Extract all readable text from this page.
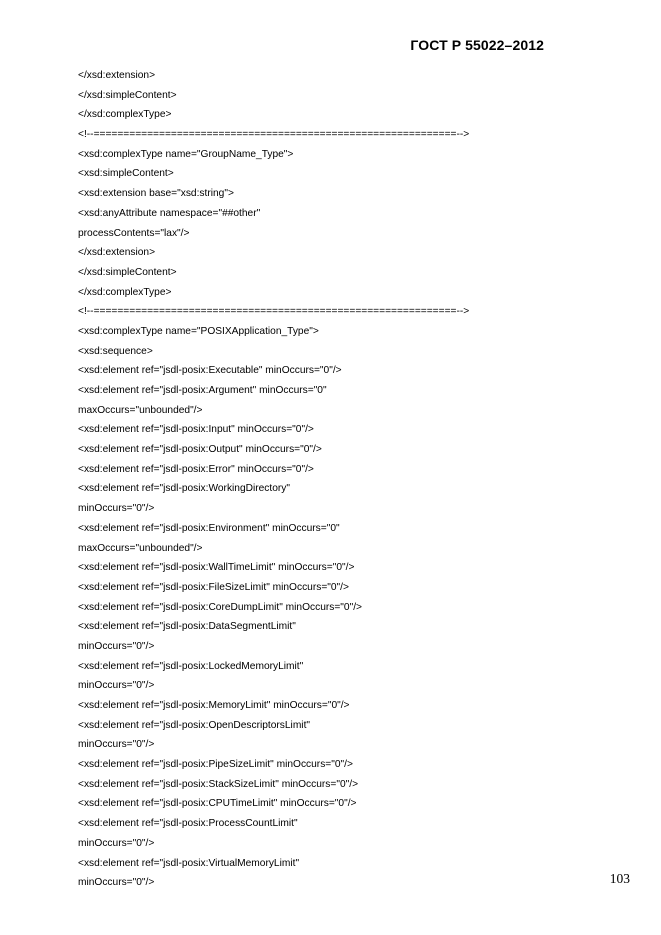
ГОСТ Р 55022–2012
</xsd:extension>
</xsd:simpleContent>
</xsd:complexType>
<!--=============================================================-->
<xsd:complexType name="GroupName_Type">
<xsd:simpleContent>
<xsd:extension base="xsd:string">
<xsd:anyAttribute namespace="##other"
processContents="lax"/>
</xsd:extension>
</xsd:simpleContent>
</xsd:complexType>
<!--=============================================================-->
<xsd:complexType name="POSIXApplication_Type">
<xsd:sequence>
<xsd:element ref="jsdl-posix:Executable" minOccurs="0"/>
<xsd:element ref="jsdl-posix:Argument" minOccurs="0"
maxOccurs="unbounded"/>
<xsd:element ref="jsdl-posix:Input" minOccurs="0"/>
<xsd:element ref="jsdl-posix:Output" minOccurs="0"/>
<xsd:element ref="jsdl-posix:Error" minOccurs="0"/>
<xsd:element ref="jsdl-posix:WorkingDirectory"
minOccurs="0"/>
<xsd:element ref="jsdl-posix:Environment" minOccurs="0"
maxOccurs="unbounded"/>
<xsd:element ref="jsdl-posix:WallTimeLimit" minOccurs="0"/>
<xsd:element ref="jsdl-posix:FileSizeLimit" minOccurs="0"/>
<xsd:element ref="jsdl-posix:CoreDumpLimit" minOccurs="0"/>
<xsd:element ref="jsdl-posix:DataSegmentLimit"
minOccurs="0"/>
<xsd:element ref="jsdl-posix:LockedMemoryLimit"
minOccurs="0"/>
<xsd:element ref="jsdl-posix:MemoryLimit" minOccurs="0"/>
<xsd:element ref="jsdl-posix:OpenDescriptorsLimit"
minOccurs="0"/>
<xsd:element ref="jsdl-posix:PipeSizeLimit" minOccurs="0"/>
<xsd:element ref="jsdl-posix:StackSizeLimit" minOccurs="0"/>
<xsd:element ref="jsdl-posix:CPUTimeLimit" minOccurs="0"/>
<xsd:element ref="jsdl-posix:ProcessCountLimit"
minOccurs="0"/>
<xsd:element ref="jsdl-posix:VirtualMemoryLimit"
minOccurs="0"/>	103
